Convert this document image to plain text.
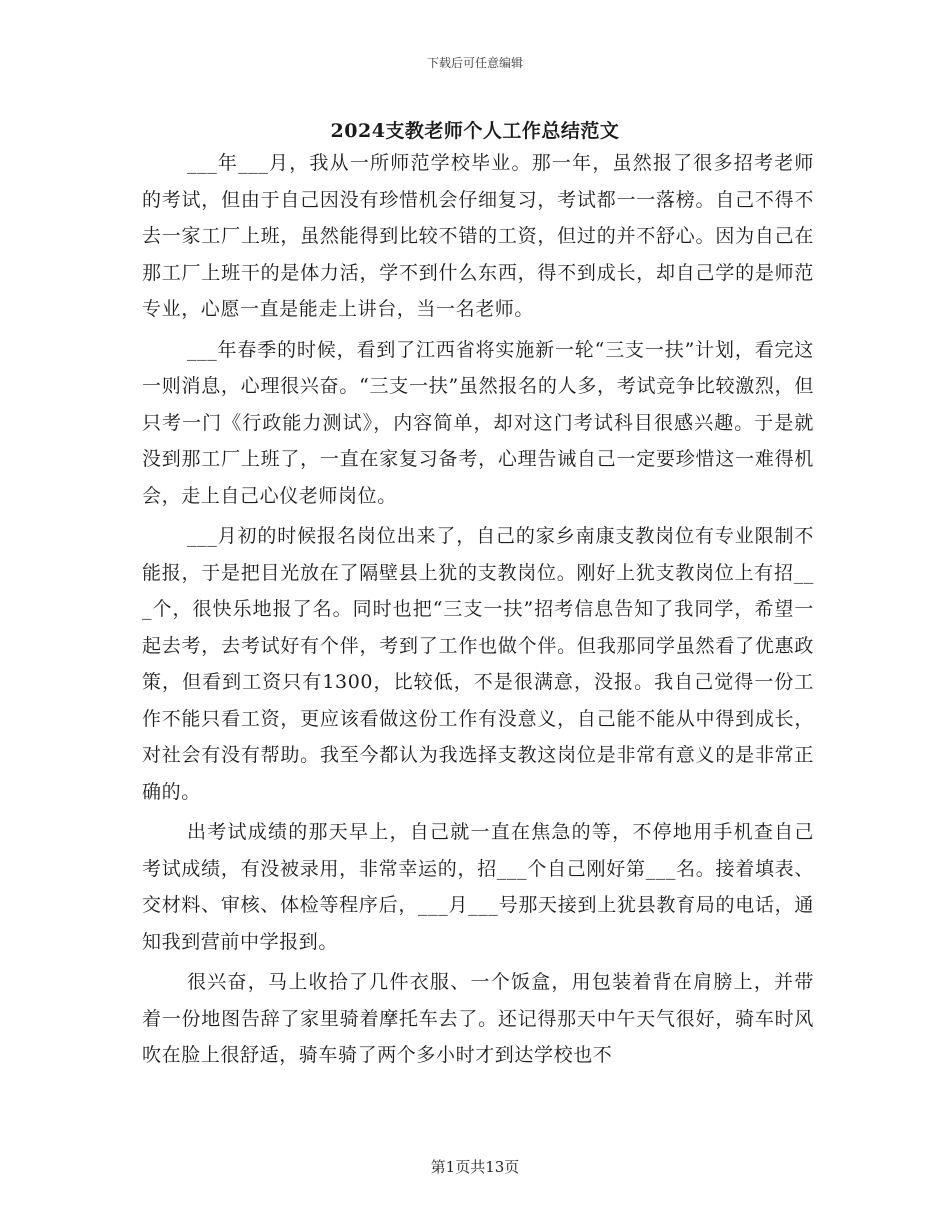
下载后可任意编辑
2024支教老师个人工作总结范文

___年___月，我从一所师范学校毕业。那一年，虽然报了很多招考老师的考试，但由于自己因没有珍惜机会仔细复习，考试都一一落榜。自己不得不去一家工厂上班，虽然能得到比较不错的工资，但过的并不舒心。因为自己在那工厂上班干的是体力活，学不到什么东西，得不到成长，却自己学的是师范专业，心愿一直是能走上讲台，当一名老师。

___年春季的时候，看到了江西省将实施新一轮“三支一扶”计划，看完这一则消息，心理很兴奋。“三支一扶”虽然报名的人多，考试竞争比较激烈，但只考一门《行政能力测试》，内容简单，却对这门考试科目很感兴趣。于是就没到那工厂上班了，一直在家复习备考，心理告诫自己一定要珍惜这一难得机会，走上自己心仪老师岗位。

___月初的时候报名岗位出来了，自己的家乡南康支教岗位有专业限制不能报，于是把目光放在了隔壁县上犹的支教岗位。刚好上犹支教岗位上有招___个，很快乐地报了名。同时也把“三支一扶”招考信息告知了我同学，希望一起去考，去考试好有个伴，考到了工作也做个伴。但我那同学虽然看了优惠政策，但看到工资只有1300，比较低，不是很满意，没报。我自己觉得一份工作不能只看工资，更应该看做这份工作有没意义，自己能不能从中得到成长，对社会有没有帮助。我至今都认为我选择支教这岗位是非常有意义的是非常正确的。

出考试成绩的那天早上，自己就一直在焦急的等，不停地用手机查自己考试成绩，有没被录用，非常幸运的，招___个自己刚好第___名。接着填表、交材料、审核、体检等程序后，___月___号那天接到上犹县教育局的电话，通知我到营前中学报到。

很兴奋，马上收拾了几件衣服、一个饭盒，用包装着背在肩膀上，并带着一份地图告辞了家里骑着摩托车去了。还记得那天中午天气很好，骑车时风吹在脸上很舒适，骑车骑了两个多小时才到达学校也不

第1页共13页
